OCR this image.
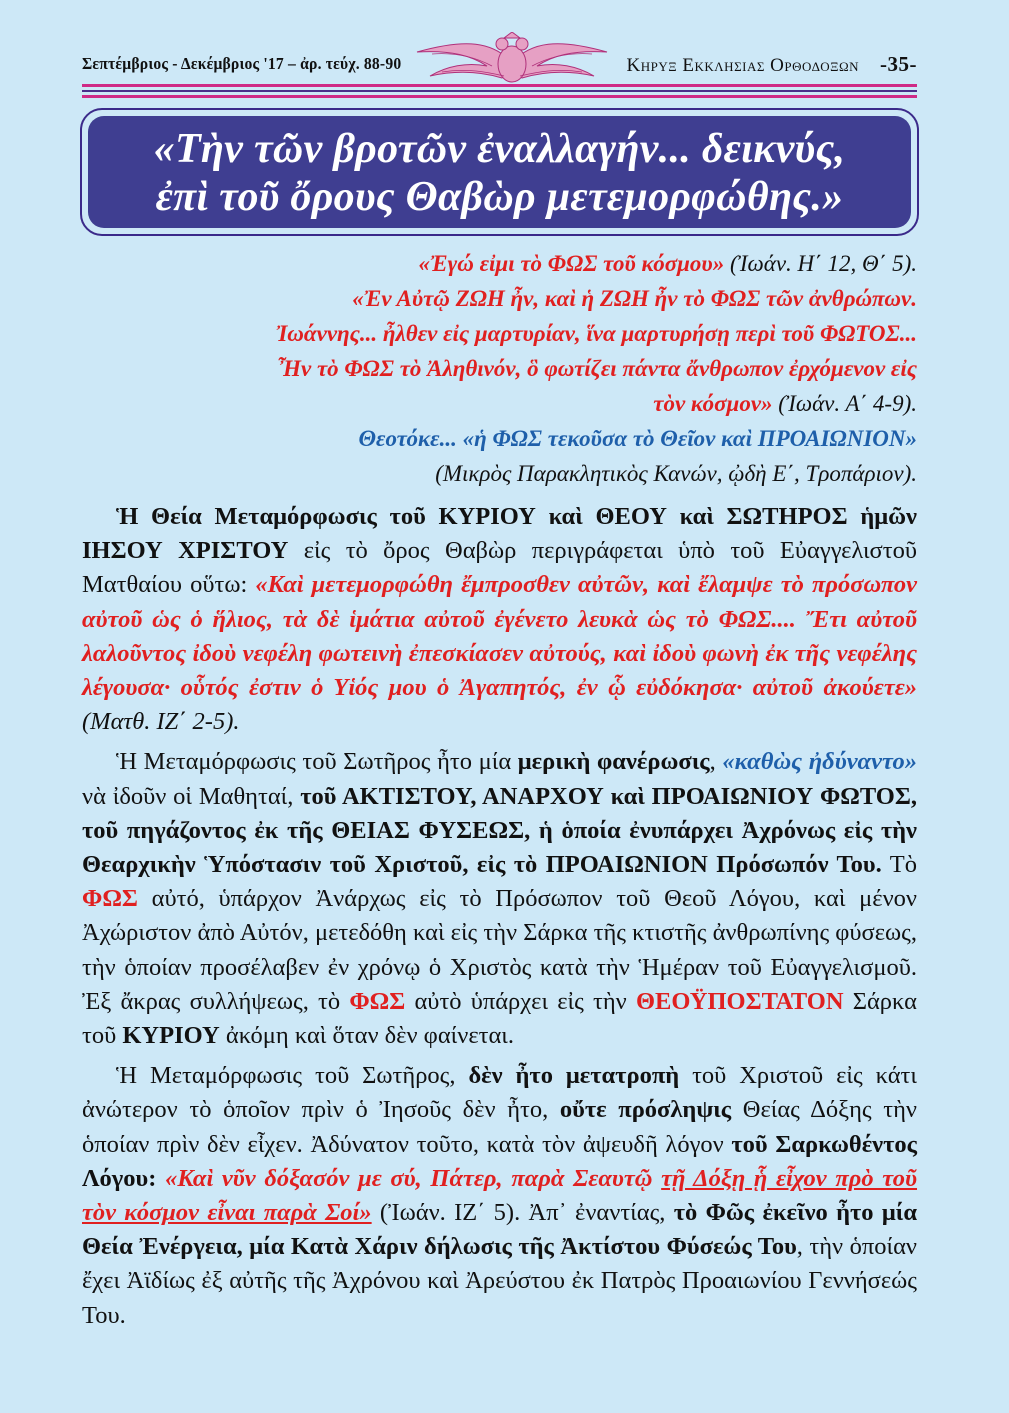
Σεπτέμβριος - Δεκέμβριος '17 – ἀρ. τεύχ. 88-90	Κηρυξ Εκκλησιας Ορθοδοξων -35-
«Τὴν τῶν βροτῶν ἐναλλαγήν... δεικνύς,
ἐπὶ τοῦ ὄρους Θαβὼρ μετεμορφώθης.»

«Ἐγώ εἰμι τὸ ΦΩΣ τοῦ κόσμου» (Ἰωάν. Η΄ 12, Θ΄ 5).

«Ἐν Αὐτῷ ΖΩΗ ἦν, καὶ ἡ ΖΩΗ ἦν τὸ ΦΩΣ τῶν ἀνθρώπων.
Ἰωάννης... ἦλθεν εἰς μαρτυρίαν, ἵνα μαρτυρήσῃ περὶ τοῦ ΦΩΤΟΣ...
Ἦν τὸ ΦΩΣ τὸ Ἀληθινόν, ὃ φωτίζει πάντα ἄνθρωπον ἐρχόμενον εἰς
τὸν κόσμον» (Ἰωάν. Α΄ 4-9).

Θεοτόκε... «ἡ ΦΩΣ τεκοῦσα τὸ Θεῖον καὶ ΠΡΟΑΙΩΝΙΟΝ»
(Μικρὸς Παρακλητικὸς Κανών, ᾠδὴ Ε΄, Τροπάριον).

Ἡ Θεία Μεταμόρφωσις τοῦ ΚΥΡΙΟΥ καὶ ΘΕΟΥ καὶ ΣΩΤΗΡΟΣ ἡμῶν ΙΗΣΟΥ ΧΡΙΣΤΟΥ εἰς τὸ ὄρος Θαβὼρ περιγράφεται ὑπὸ τοῦ Εὐαγγελιστοῦ Ματθαίου οὕτω: «Καὶ μετεμορφώθη ἔμπροσθεν αὐτῶν, καὶ ἔλαμψε τὸ πρόσωπον αὐτοῦ ὡς ὁ ἥλιος, τὰ δὲ ἱμάτια αὐτοῦ ἐγένετο λευκὰ ὡς τὸ ΦΩΣ.... Ἔτι αὐτοῦ λαλοῦντος ἰδοὺ νεφέλη φωτεινὴ ἐπεσκίασεν αὐτούς, καὶ ἰδοὺ φωνὴ ἐκ τῆς νεφέλης λέγουσα· οὗτός ἐστιν ὁ Υἱός μου ὁ Ἀγαπητός, ἐν ᾧ εὐδόκησα· αὐτοῦ ἀκούετε» (Ματθ. ΙΖ΄ 2-5).

Ἡ Μεταμόρφωσις τοῦ Σωτῆρος ἦτο μία μερικὴ φανέρωσις, «καθὼς ἠδύναντο» νὰ ἰδοῦν οἱ Μαθηταί, τοῦ ΑΚΤΙΣΤΟΥ, ΑΝΑΡΧΟΥ καὶ ΠΡΟΑΙΩΝΙΟΥ ΦΩΤΟΣ, τοῦ πηγάζοντος ἐκ τῆς ΘΕΙΑΣ ΦΥΣΕΩΣ, ἡ ὁποία ἐνυπάρχει Ἀχρόνως εἰς τὴν Θεαρχικὴν Ὑπόστασιν τοῦ Χριστοῦ, εἰς τὸ ΠΡΟΑΙΩΝΙΟΝ Πρόσωπόν Του. Τὸ ΦΩΣ αὐτό, ὑπάρχον Ἀνάρχως εἰς τὸ Πρόσωπον τοῦ Θεοῦ Λόγου, καὶ μένον Ἀχώριστον ἀπὸ Αὐτόν, μετεδόθη καὶ εἰς τὴν Σάρκα τῆς κτιστῆς ἀνθρωπίνης φύσεως, τὴν ὁποίαν προσέλαβεν ἐν χρόνῳ ὁ Χριστὸς κατὰ τὴν Ἡμέραν τοῦ Εὐαγγελισμοῦ. Ἐξ ἄκρας συλλήψεως, τὸ ΦΩΣ αὐτὸ ὑπάρχει εἰς τὴν ΘΕΟΫΠΟΣΤΑΤΟΝ Σάρκα τοῦ ΚΥΡΙΟΥ ἀκόμη καὶ ὅταν δὲν φαίνεται.

Ἡ Μεταμόρφωσις τοῦ Σωτῆρος, δὲν ἦτο μετατροπὴ τοῦ Χριστοῦ εἰς κάτι ἀνώτερον τὸ ὁποῖον πρὶν ὁ Ἰησοῦς δὲν ἦτο, οὔτε πρόσληψις Θείας Δόξης τὴν ὁποίαν πρὶν δὲν εἶχεν. Ἀδύνατον τοῦτο, κατὰ τὸν ἀψευδῆ λόγον τοῦ Σαρκωθέντος Λόγου: «Καὶ νῦν δόξασόν με σύ, Πάτερ, παρὰ Σεαυτῷ τῇ Δόξῃ ᾗ εἶχον πρὸ τοῦ τὸν κόσμον εἶναι παρὰ Σοί» (Ἰωάν. ΙΖ΄ 5). Ἀπ᾿ ἐναντίας, τὸ Φῶς ἐκεῖνο ἦτο μία Θεία Ἐνέργεια, μία Κατὰ Χάριν δήλωσις τῆς Ἀκτίστου Φύσεώς Του, τὴν ὁποίαν ἔχει Ἀϊδίως ἐξ αὐτῆς τῆς Ἀχρόνου καὶ Ἀρεύστου ἐκ Πατρὸς Προαιωνίου Γεννήσεώς Του.
